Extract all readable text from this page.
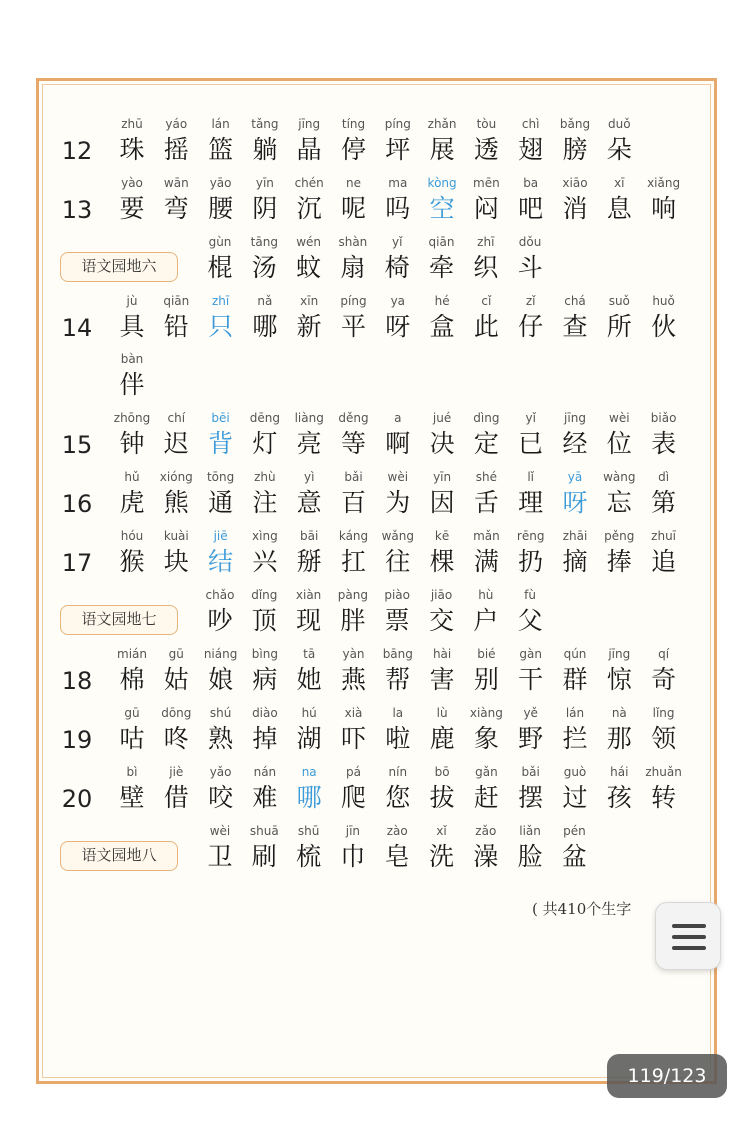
12
zhū
珠
yáo
摇
lán
篮
tǎng
躺
jīng
晶
tíng
停
píng
坪
zhǎn
展
tòu
透
chì
翅
bǎng
膀
duǒ
朵
13
yào
要
wān
弯
yāo
腰
yīn
阴
chén
沉
ne
呢
ma
吗
kòng
空
mēn
闷
ba
吧
xiāo
消
xī
息
xiǎng
响
语文园地六
gùn
棍
tāng
汤
wén
蚊
shàn
扇
yǐ
椅
qiān
牵
zhī
织
dǒu
斗
14
jù
具
qiān
铅
zhī
只
nǎ
哪
xīn
新
píng
平
ya
呀
hé
盒
cǐ
此
zǐ
仔
chá
查
suǒ
所
huǒ
伙
bàn
伴
15
zhōng
钟
chí
迟
bēi
背
dēng
灯
liàng
亮
děng
等
a
啊
jué
决
dìng
定
yǐ
已
jīng
经
wèi
位
biǎo
表
16
hǔ
虎
xióng
熊
tōng
通
zhù
注
yì
意
bǎi
百
wèi
为
yīn
因
shé
舌
lǐ
理
yā
呀
wàng
忘
dì
第
17
hóu
猴
kuài
块
jiē
结
xìng
兴
bāi
掰
káng
扛
wǎng
往
kē
棵
mǎn
满
rēng
扔
zhāi
摘
pěng
捧
zhuī
追
语文园地七
chǎo
吵
dǐng
顶
xiàn
现
pàng
胖
piào
票
jiāo
交
hù
户
fù
父
18
mián
棉
gū
姑
niáng
娘
bìng
病
tā
她
yàn
燕
bāng
帮
hài
害
bié
别
gàn
干
qún
群
jīng
惊
qí
奇
19
gū
咕
dōng
咚
shú
熟
diào
掉
hú
湖
xià
吓
la
啦
lù
鹿
xiàng
象
yě
野
lán
拦
nà
那
lǐng
领
20
bì
壁
jiè
借
yǎo
咬
nán
难
na
哪
pá
爬
nín
您
bō
拔
gǎn
赶
bǎi
摆
guò
过
hái
孩
zhuǎn
转
语文园地八
wèi
卫
shuā
刷
shū
梳
jīn
巾
zào
皂
xǐ
洗
zǎo
澡
liǎn
脸
pén
盆
( 共410个生字
119/123
